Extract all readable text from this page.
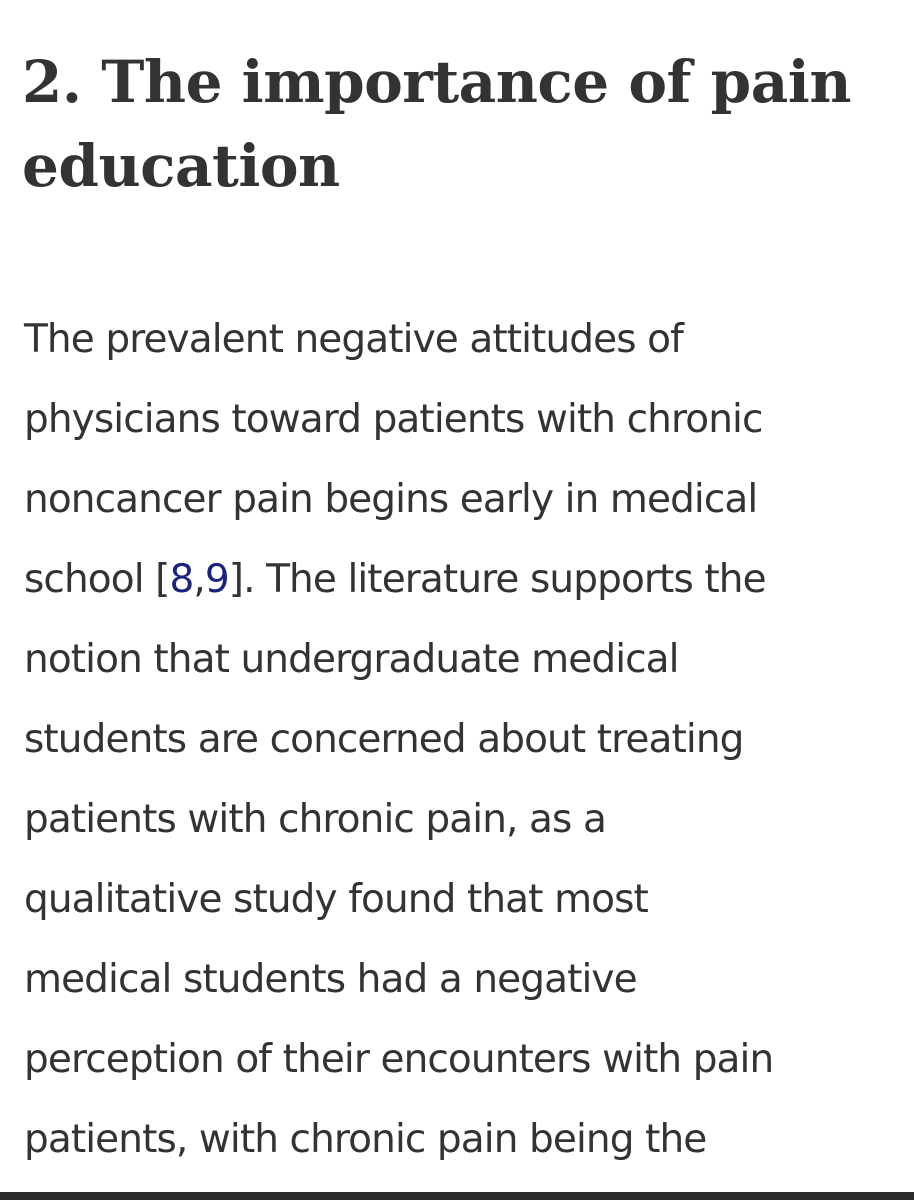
2. The importance of pain
education

The prevalent negative attitudes of
physicians toward patients with chronic
noncancer pain begins early in medical
school [8,9]. The literature supports the
notion that undergraduate medical
students are concerned about treating
patients with chronic pain, as a
qualitative study found that most
medical students had a negative
perception of their encounters with pain
patients, with chronic pain being the
